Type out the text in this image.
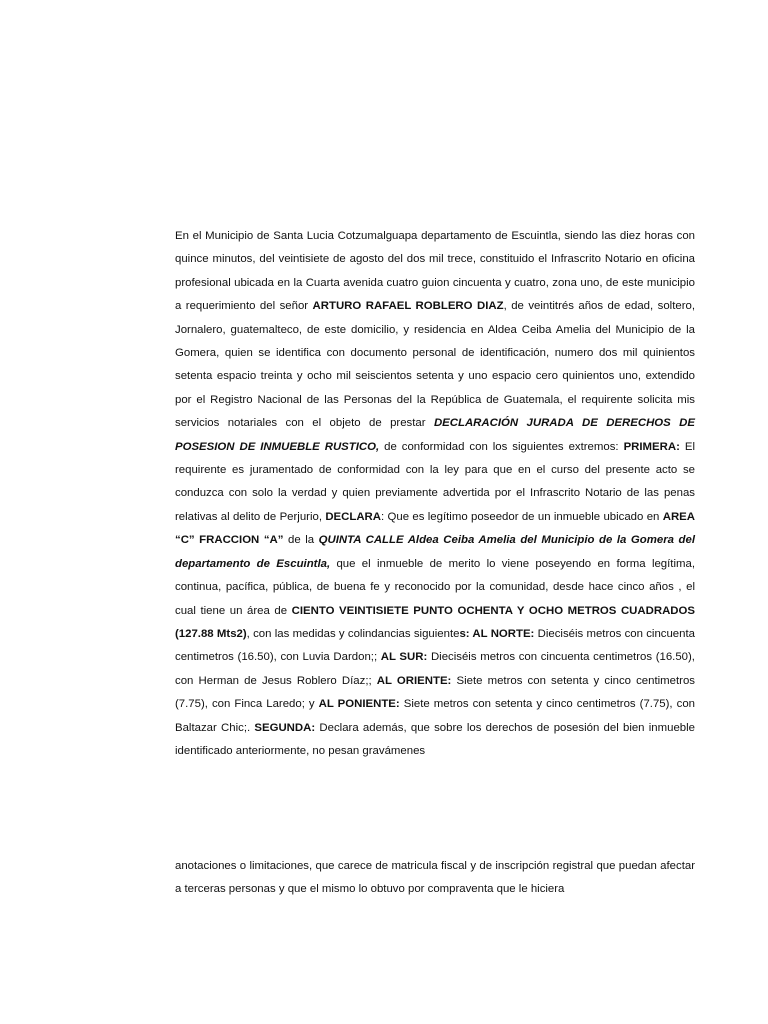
En el Municipio de Santa Lucia Cotzumalguapa departamento de Escuintla, siendo las diez horas con quince minutos, del veintisiete de agosto del dos mil trece, constituido el Infrascrito Notario en oficina profesional ubicada en la Cuarta avenida cuatro guion cincuenta y cuatro, zona uno, de este municipio a requerimiento del señor ARTURO RAFAEL ROBLERO DIAZ, de veintitrés años de edad, soltero, Jornalero, guatemalteco, de este domicilio, y residencia en Aldea Ceiba Amelia del Municipio de la Gomera, quien se identifica con documento personal de identificación, numero dos mil quinientos setenta espacio treinta y ocho mil seiscientos setenta y uno espacio cero quinientos uno, extendido por el Registro Nacional de las Personas del la República de Guatemala, el requirente solicita mis servicios notariales con el objeto de prestar DECLARACIÓN JURADA DE DERECHOS DE POSESION DE INMUEBLE RUSTICO, de conformidad con los siguientes extremos: PRIMERA: El requirente es juramentado de conformidad con la ley para que en el curso del presente acto se conduzca con solo la verdad y quien previamente advertida por el Infrascrito Notario de las penas relativas al delito de Perjurio, DECLARA: Que es legítimo poseedor de un inmueble ubicado en AREA “C” FRACCION “A” de la QUINTA CALLE Aldea Ceiba Amelia del Municipio de la Gomera del departamento de Escuintla, que el inmueble de merito lo viene poseyendo en forma legítima, continua, pacífica, pública, de buena fe y reconocido por la comunidad, desde hace cinco años , el cual tiene un área de CIENTO VEINTISIETE PUNTO OCHENTA Y OCHO METROS CUADRADOS (127.88 Mts2), con las medidas y colindancias siguientes: AL NORTE: Dieciséis metros con cincuenta centimetros (16.50), con Luvia Dardon;; AL SUR: Dieciséis metros con cincuenta centimetros (16.50), con Herman de Jesus Roblero Díaz;; AL ORIENTE: Siete metros con setenta y cinco centimetros (7.75), con Finca Laredo; y AL PONIENTE: Siete metros con setenta y cinco centimetros (7.75), con Baltazar Chic;. SEGUNDA: Declara además, que sobre los derechos de posesión del bien inmueble identificado anteriormente, no pesan gravámenes
anotaciones o limitaciones, que carece de matricula fiscal y de inscripción registral que puedan afectar a terceras personas y que el mismo lo obtuvo por compraventa que le hiciera
